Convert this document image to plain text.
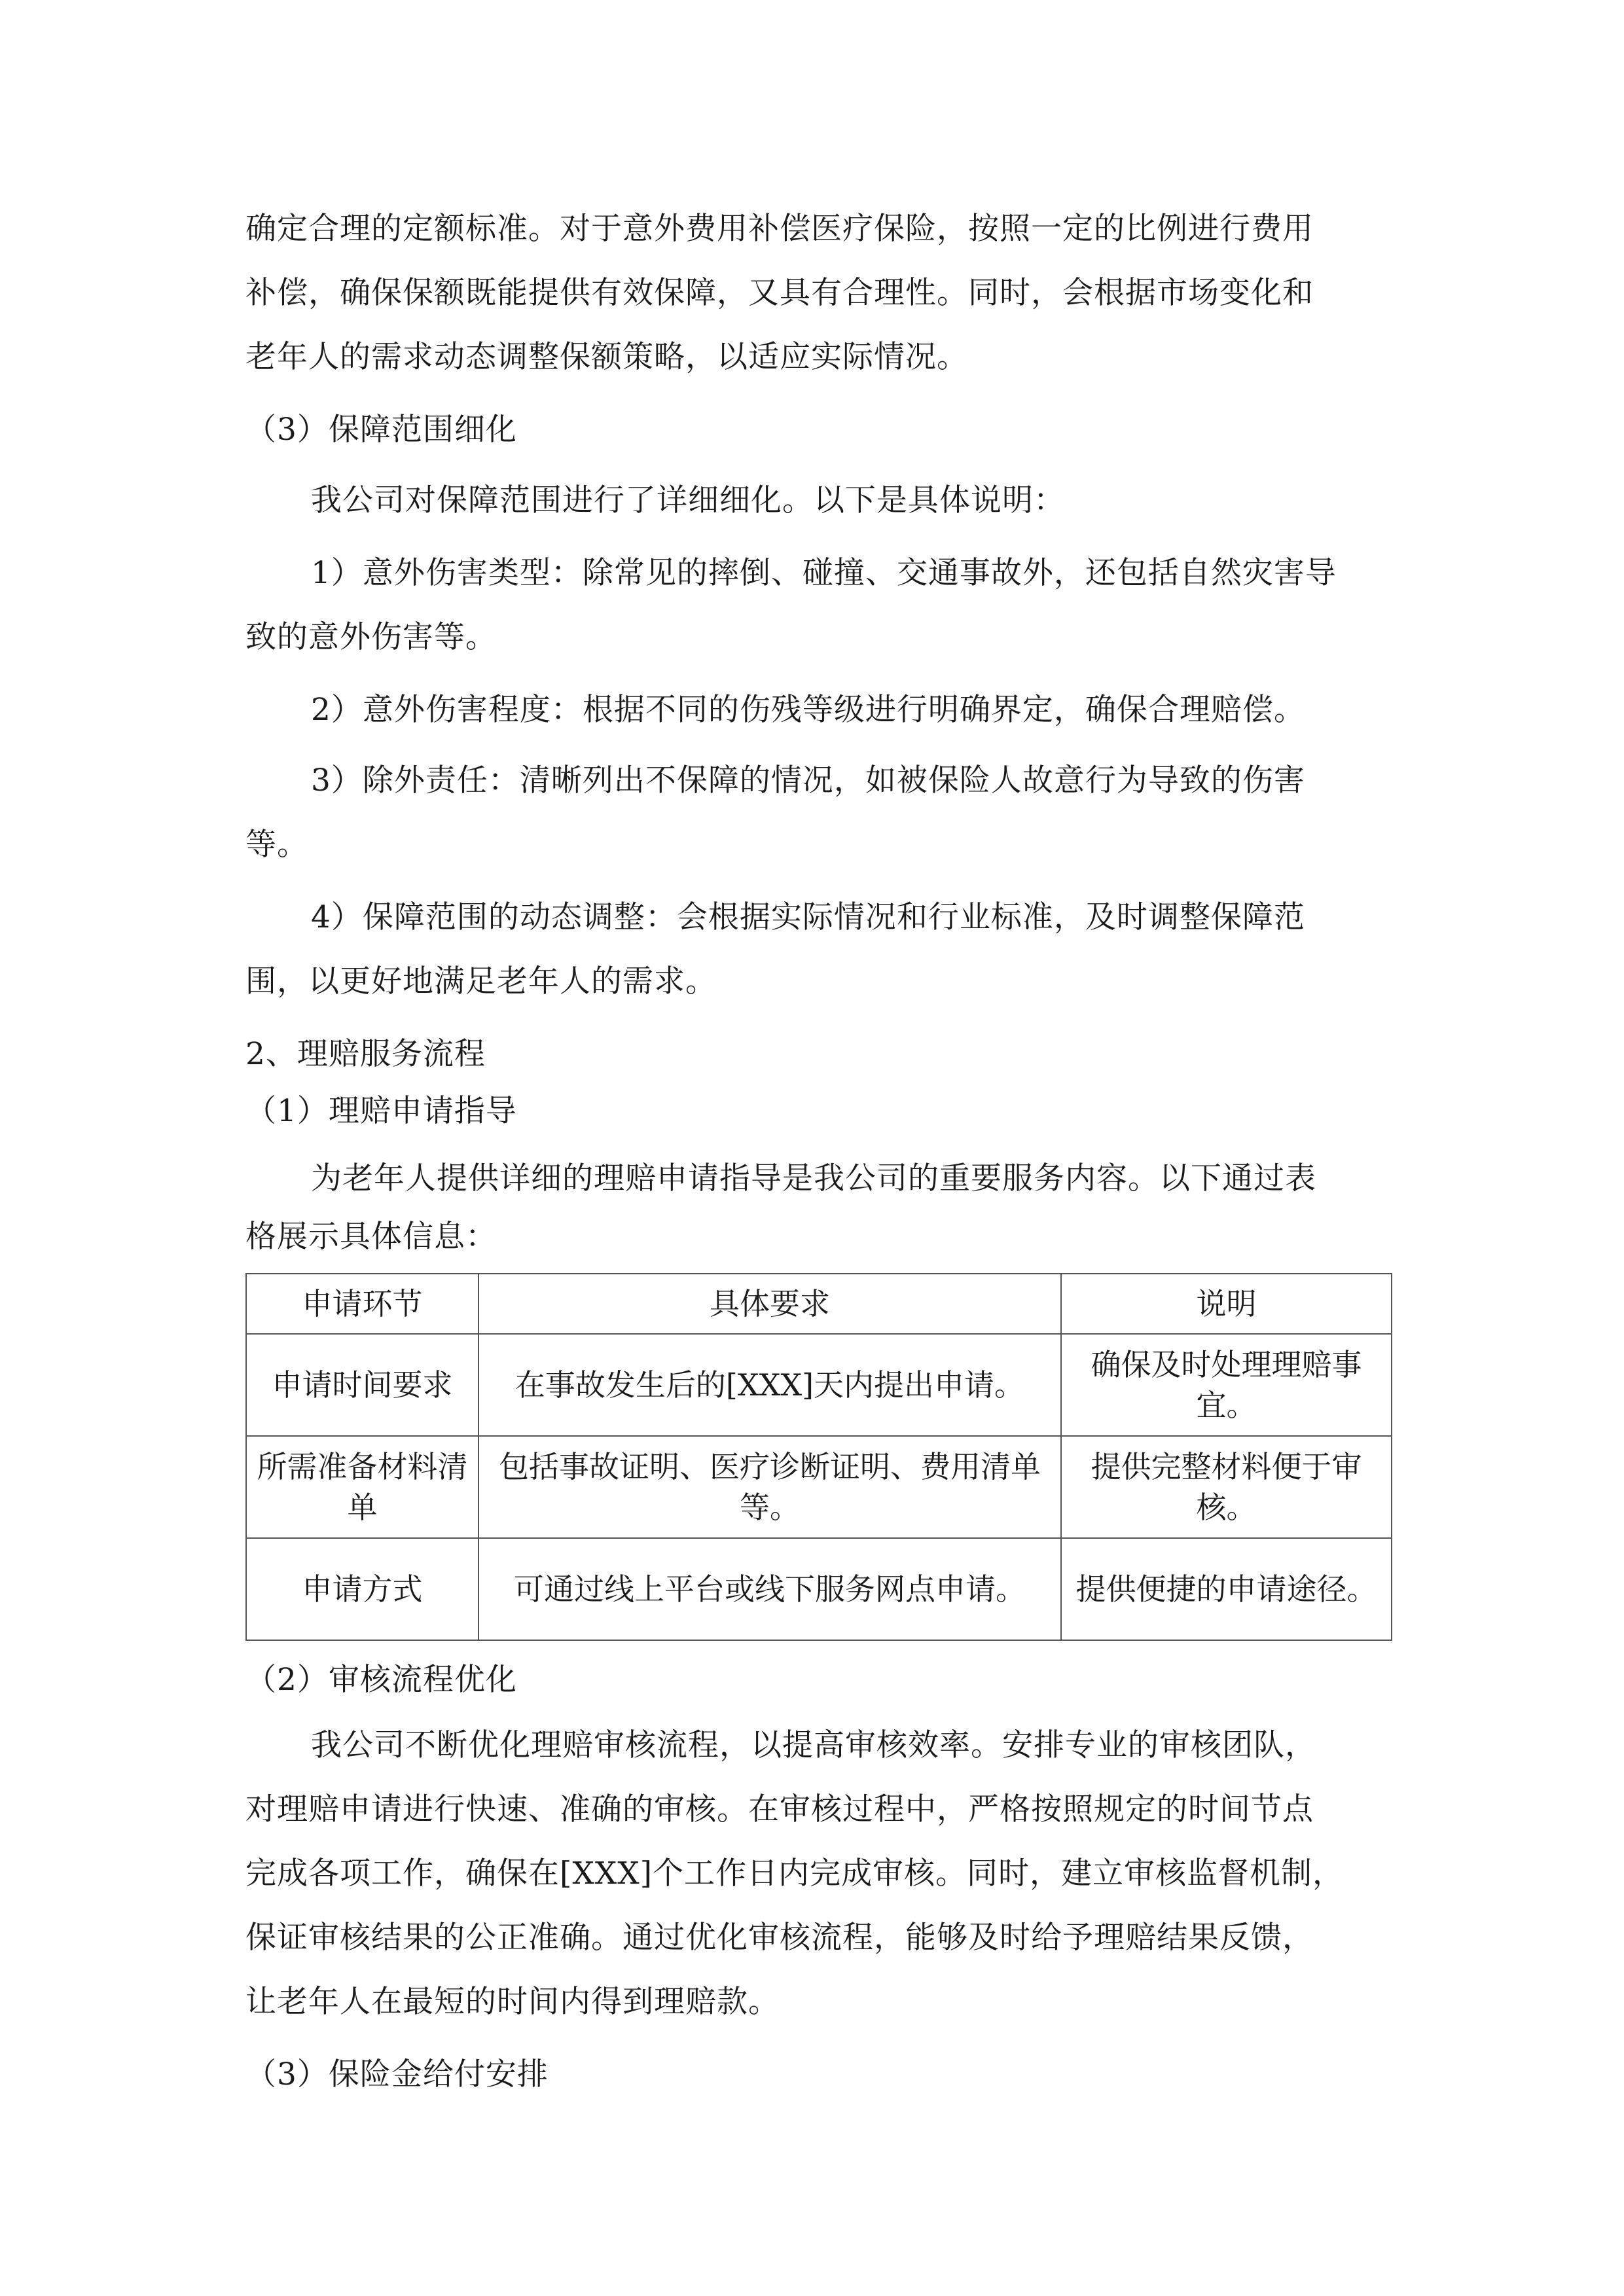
确定合理的定额标准。对于意外费用补偿医疗保险，按照一定的比例进行费用
补偿，确保保额既能提供有效保障，又具有合理性。同时，会根据市场变化和
老年人的需求动态调整保额策略，以适应实际情况。
（3）保障范围细化
我公司对保障范围进行了详细细化。以下是具体说明：
1）意外伤害类型：除常见的摔倒、碰撞、交通事故外，还包括自然灾害导
致的意外伤害等。
2）意外伤害程度：根据不同的伤残等级进行明确界定，确保合理赔偿。
3）除外责任：清晰列出不保障的情况，如被保险人故意行为导致的伤害
等。
4）保障范围的动态调整：会根据实际情况和行业标准，及时调整保障范
围，以更好地满足老年人的需求。
2、理赔服务流程
（1）理赔申请指导
为老年人提供详细的理赔申请指导是我公司的重要服务内容。以下通过表
格展示具体信息：
申请环节	具体要求	说明
申请时间要求	在事故发生后的[XXX]天内提出申请。	确保及时处理理赔事宜。
所需准备材料清单	包括事故证明、医疗诊断证明、费用清单等。	提供完整材料便于审核。
申请方式	可通过线上平台或线下服务网点申请。	提供便捷的申请途径。
（2）审核流程优化
我公司不断优化理赔审核流程，以提高审核效率。安排专业的审核团队，
对理赔申请进行快速、准确的审核。在审核过程中，严格按照规定的时间节点
完成各项工作，确保在[XXX]个工作日内完成审核。同时，建立审核监督机制，
保证审核结果的公正准确。通过优化审核流程，能够及时给予理赔结果反馈，
让老年人在最短的时间内得到理赔款。
（3）保险金给付安排
